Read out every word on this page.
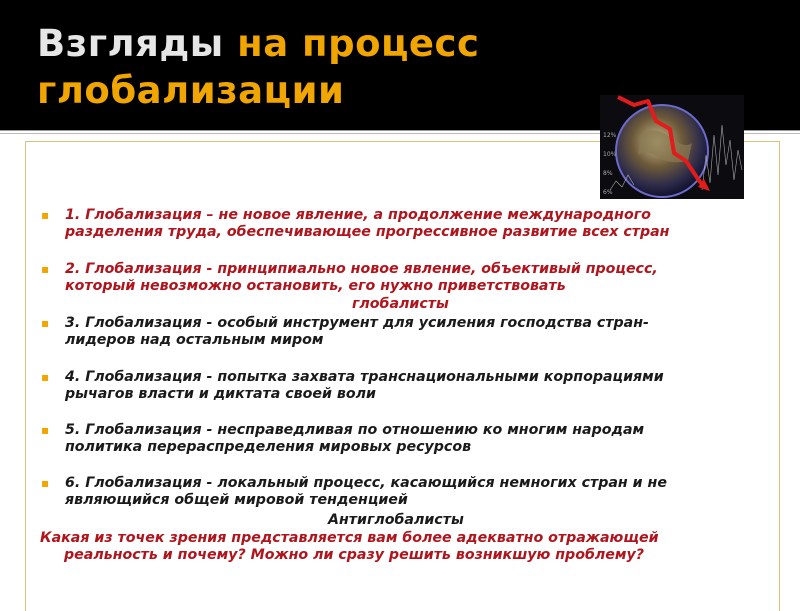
Взгляды на процесс
глобализации
12%
10%
8%
6%
▪ 1. Глобализация – не новое явление, а продолжение международного
разделения труда, обеспечивающее прогрессивное развитие всех стран
▪ 2. Глобализация - принципиально новое явление, объективый процесс,
который невозможно остановить, его нужно приветствовать
▪ 3. Глобализация - особый инструмент для усиления господства стран-
лидеров над остальным миром
▪ 4. Глобализация - попытка захвата транснациональными корпорациями
рычагов власти и диктата своей воли
▪ 5. Глобализация - несправедливая по отношению ко многим народам
политика перераспределения мировых ресурсов
▪ 6. Глобализация - локальный процесс, касающийся немногих стран и не
являющийся общей мировой тенденцией
глобалисты
Антиглобалисты
Какая из точек зрения представляется вам более адекватно отражающей
реальность и почему? Можно ли сразу решить возникшую проблему?
